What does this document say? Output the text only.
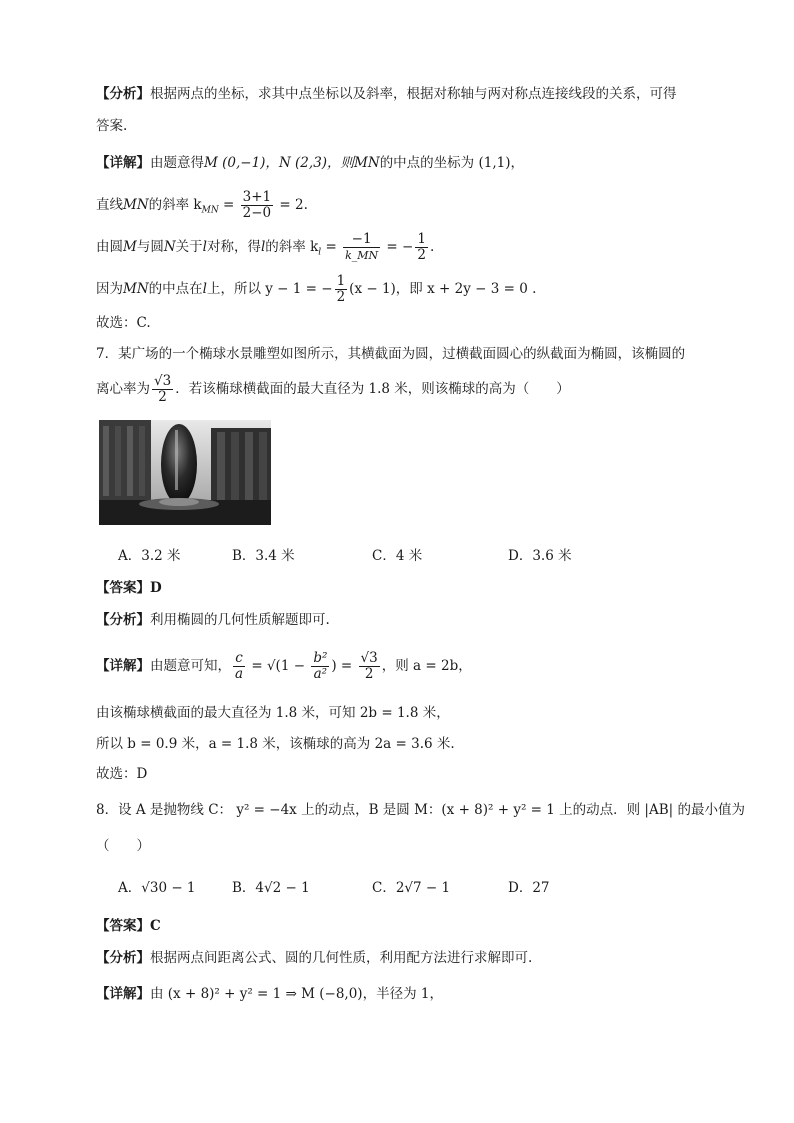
【分析】根据两点的坐标，求其中点坐标以及斜率，根据对称轴与两对称点连接线段的关系，可得
答案.
【详解】由题意得M (0,−1)，N (2,3)，则MN的中点的坐标为 (1,1)，
直线MN的斜率 $k_{MN} = \frac{3+1}{2-0} = 2$.
由圆M与圆N关于l对称，得l的斜率 $k_l = \frac{-1}{k\_MN}$ = − $\frac{1}{2}$ .
因为MN的中点在l上，所以 y − 1 = − $\frac{1}{2} (x - 1)$，即 x + 2y − 3 = 0 .
故选：C.
7．某广场的一个椭球水景雕塑如图所示，其横截面为圆，过横截面圆心的纵截面为椭圆，该椭圆的
离心率为 $\frac{√3}{2}$ ．若该椭球横截面的最大直径为 1.8 米，则该椭球的高为（　　）
A．3.2 米	B．3.4 米	C．4 米	D．3.6 米
【答案】D
【分析】利用椭圆的几何性质解题即可.
【详解】由题意可知， $\frac{c}{a} = √(1 - \frac{\text{b²}}{\text{a²}}$ ) = $\frac{√3}{2}$ ，则 a = 2b，
由该椭球横截面的最大直径为 1.8 米，可知 2b = 1.8 米，
所以 b = 0.9 米，a = 1.8 米，该椭球的高为 2a = 3.6 米.
故选：D
8．设 A 是抛物线 C： y² = −4x 上的动点，B 是圆 M：(x + 8)² + y² = 1 上的动点．则 |AB| 的最小值为
（　　）
A．√30 − 1	B．4√2 − 1	C．2√7 − 1	D．27
【答案】C
【分析】根据两点间距离公式、圆的几何性质，利用配方法进行求解即可.
【详解】由 (x + 8)² + y² = 1 ⇒ M (−8,0)，半径为 1，
